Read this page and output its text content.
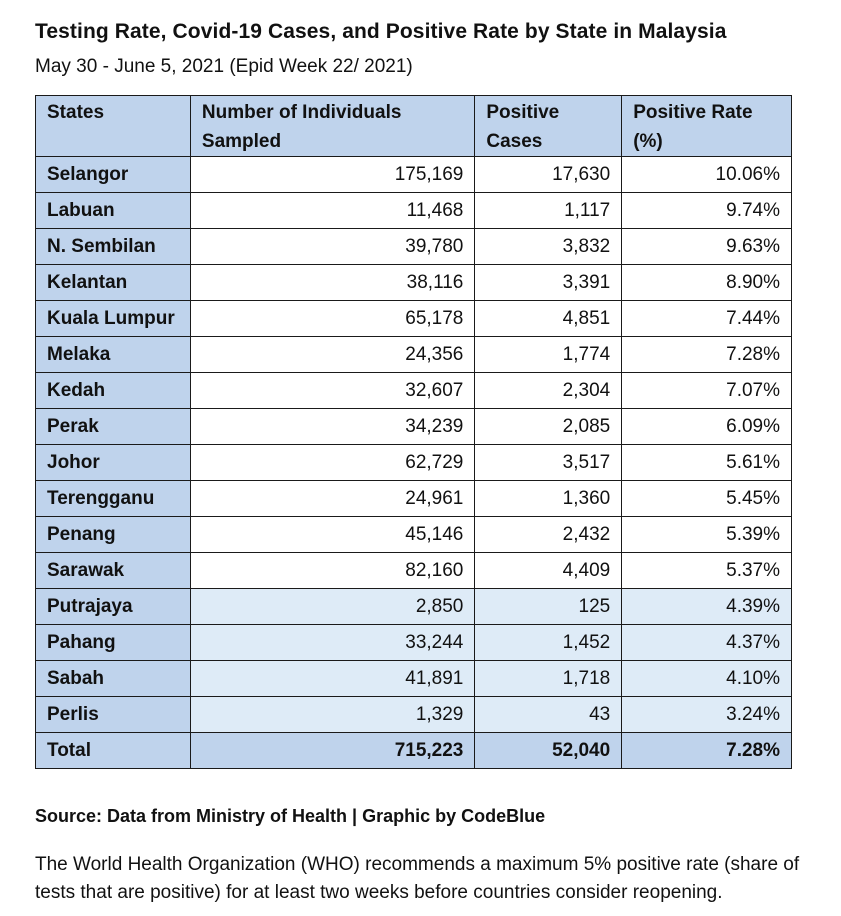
Testing Rate, Covid-19 Cases, and Positive Rate by State in Malaysia
May 30 - June 5, 2021 (Epid Week 22/ 2021)
States	Number of Individuals Sampled	Positive Cases	Positive Rate (%)
Selangor	175,169	17,630	10.06%
Labuan	11,468	1,117	9.74%
N. Sembilan	39,780	3,832	9.63%
Kelantan	38,116	3,391	8.90%
Kuala Lumpur	65,178	4,851	7.44%
Melaka	24,356	1,774	7.28%
Kedah	32,607	2,304	7.07%
Perak	34,239	2,085	6.09%
Johor	62,729	3,517	5.61%
Terengganu	24,961	1,360	5.45%
Penang	45,146	2,432	5.39%
Sarawak	82,160	4,409	5.37%
Putrajaya	2,850	125	4.39%
Pahang	33,244	1,452	4.37%
Sabah	41,891	1,718	4.10%
Perlis	1,329	43	3.24%
Total	715,223	52,040	7.28%
Source: Data from Ministry of Health | Graphic by CodeBlue
The World Health Organization (WHO) recommends a maximum 5% positive rate (share of tests that are positive) for at least two weeks before countries consider reopening.
